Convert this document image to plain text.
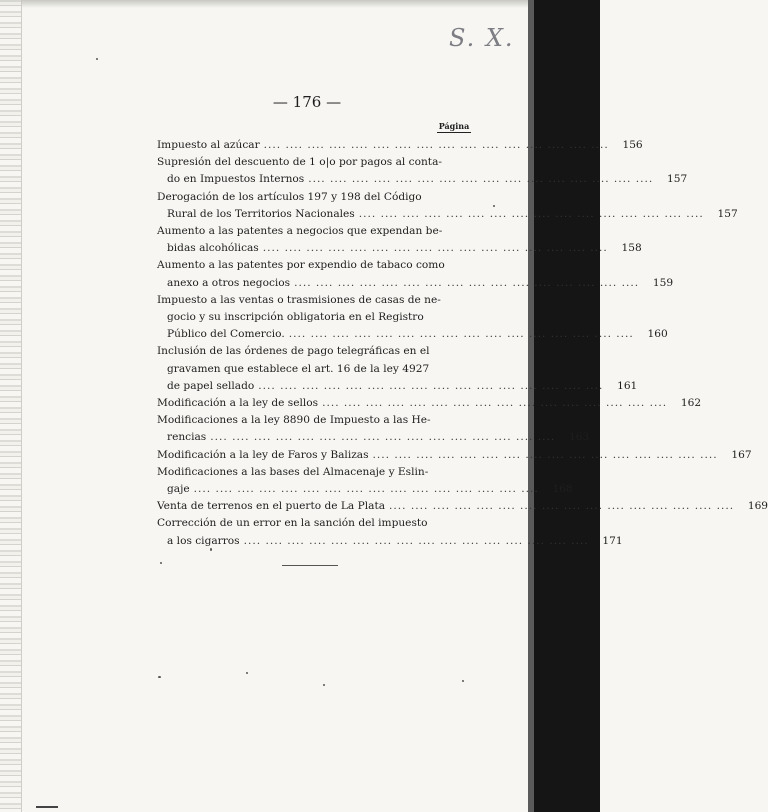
S. X.
— 176 —
Página
Impuesto al azúcar ....	156
Supresión del descuento de 1 o|o por pagos al conta-
do en Impuestos Internos ....	157
Derogación de los artículos 197 y 198 del Código
Rural de los Territorios Nacionales ....	157
Aumento a las patentes a negocios que expendan be-
bidas alcohólicas ....	158
Aumento a las patentes por expendio de tabaco como
anexo a otros negocios ....	159
Impuesto a las ventas o trasmisiones de casas de ne-
gocio y su inscripción obligatoria en el Registro
Público del Comercio. ....	160
Inclusión de las órdenes de pago telegráficas en el
gravamen que establece el art. 16 de la ley 4927
de papel sellado ....	161
Modificación a la ley de sellos ....	162
Modificaciones a la ley 8890 de Impuesto a las He-
rencias ....	163
Modificación a la ley de Faros y Balizas ....	167
Modificaciones a las bases del Almacenaje y Eslin-
gaje ....	168
Venta de terrenos en el puerto de La Plata ....	169
Corrección de un error en la sanción del impuesto
a los cigarros ....	171
